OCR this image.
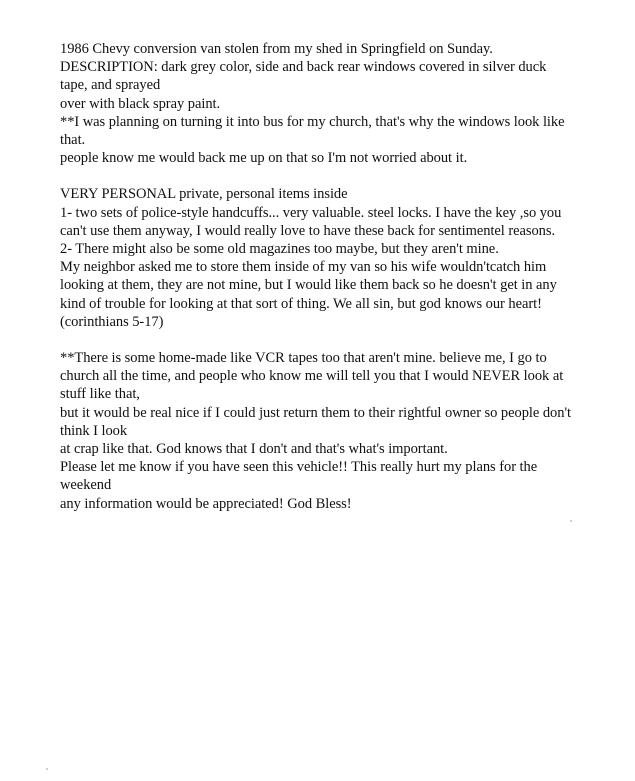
1986 Chevy conversion van stolen from my shed in Springfield on Sunday.
DESCRIPTION: dark grey color, side and back rear windows covered in silver duck
tape, and sprayed
over with black spray paint.
**I was planning on turning it into bus for my church, that's why the windows look like
that.
people know me would back me up on that so I'm not worried about it.
VERY PERSONAL private, personal items inside
1- two sets of police-style handcuffs... very valuable. steel locks. I have the key ,so you
can't use them anyway, I would really love to have these back for sentimentel reasons.
2- There might also be some old magazines too maybe, but they aren't mine.
My neighbor asked me to store them inside of my van so his wife wouldn'tcatch him
looking at them, they are not mine, but I would like them back so he doesn't get in any
kind of trouble for looking at that sort of thing. We all sin, but god knows our heart!
(corinthians 5-17)
**There is some home-made like VCR tapes too that aren't mine. believe me, I go to
church all the time, and people who know me will tell you that I would NEVER look at
stuff like that,
but it would be real nice if I could just return them to their rightful owner so people don't
think I look
at crap like that. God knows that I don't and that's what's important.
Please let me know if you have seen this vehicle!! This really hurt my plans for the
weekend
any information would be appreciated! God Bless!
